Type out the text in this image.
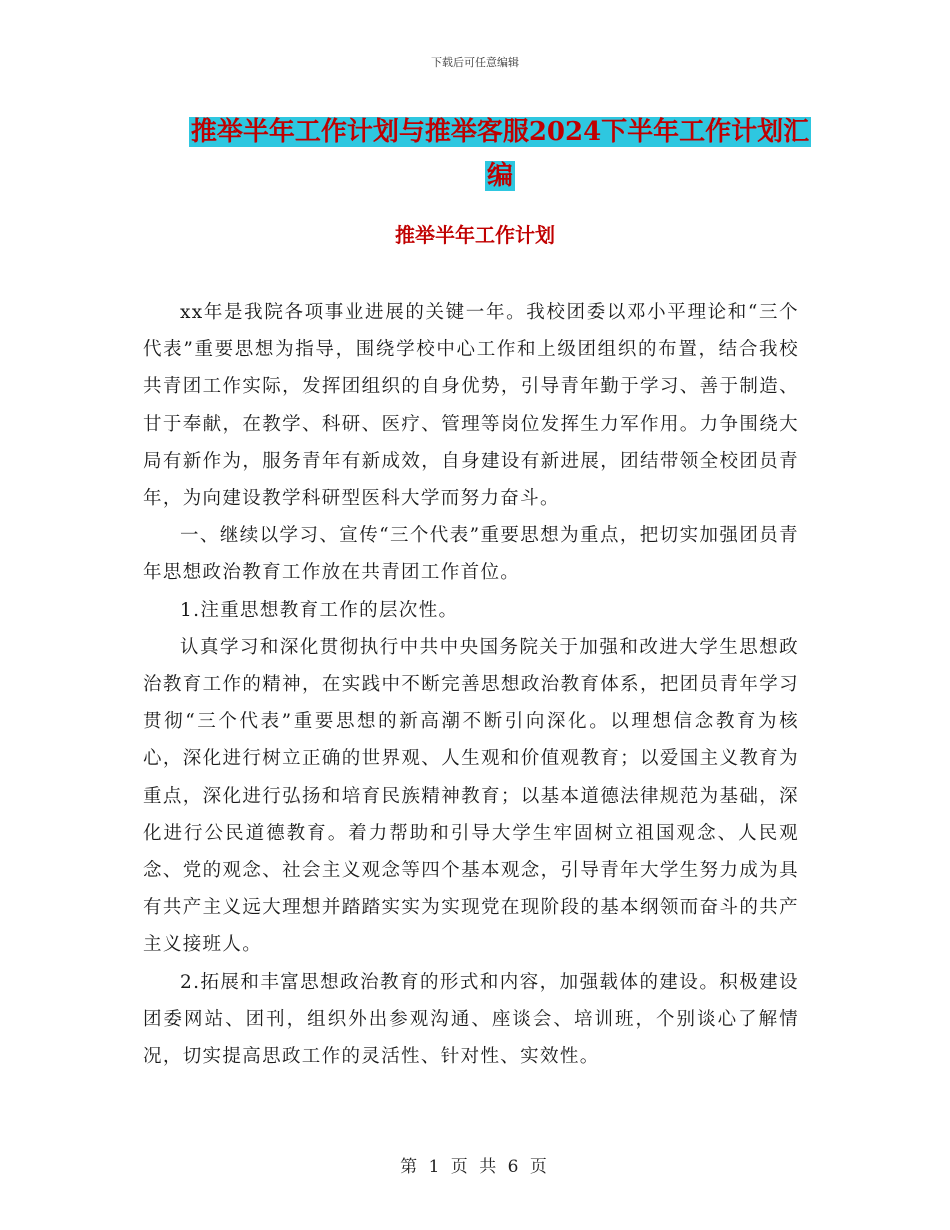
下载后可任意编辑
推举半年工作计划与推举客服2024下半年工作计划汇
编
推举半年工作计划

xx年是我院各项事业进展的关键一年。我校团委以邓小平理论和“三个代表”重要思想为指导，围绕学校中心工作和上级团组织的布置，结合我校共青团工作实际，发挥团组织的自身优势，引导青年勤于学习、善于制造、甘于奉献，在教学、科研、医疗、管理等岗位发挥生力军作用。力争围绕大局有新作为，服务青年有新成效，自身建设有新进展，团结带领全校团员青年，为向建设教学科研型医科大学而努力奋斗。

一、继续以学习、宣传“三个代表”重要思想为重点，把切实加强团员青年思想政治教育工作放在共青团工作首位。

1.注重思想教育工作的层次性。

认真学习和深化贯彻执行中共中央国务院关于加强和改进大学生思想政治教育工作的精神，在实践中不断完善思想政治教育体系，把团员青年学习贯彻“三个代表”重要思想的新高潮不断引向深化。以理想信念教育为核心，深化进行树立正确的世界观、人生观和价值观教育；以爱国主义教育为重点，深化进行弘扬和培育民族精神教育；以基本道德法律规范为基础，深化进行公民道德教育。着力帮助和引导大学生牢固树立祖国观念、人民观念、党的观念、社会主义观念等四个基本观念，引导青年大学生努力成为具有共产主义远大理想并踏踏实实为实现党在现阶段的基本纲领而奋斗的共产主义接班人。

2.拓展和丰富思想政治教育的形式和内容，加强载体的建设。积极建设团委网站、团刊，组织外出参观沟通、座谈会、培训班，个别谈心了解情况，切实提高思政工作的灵活性、针对性、实效性。

第 1 页 共 6 页
